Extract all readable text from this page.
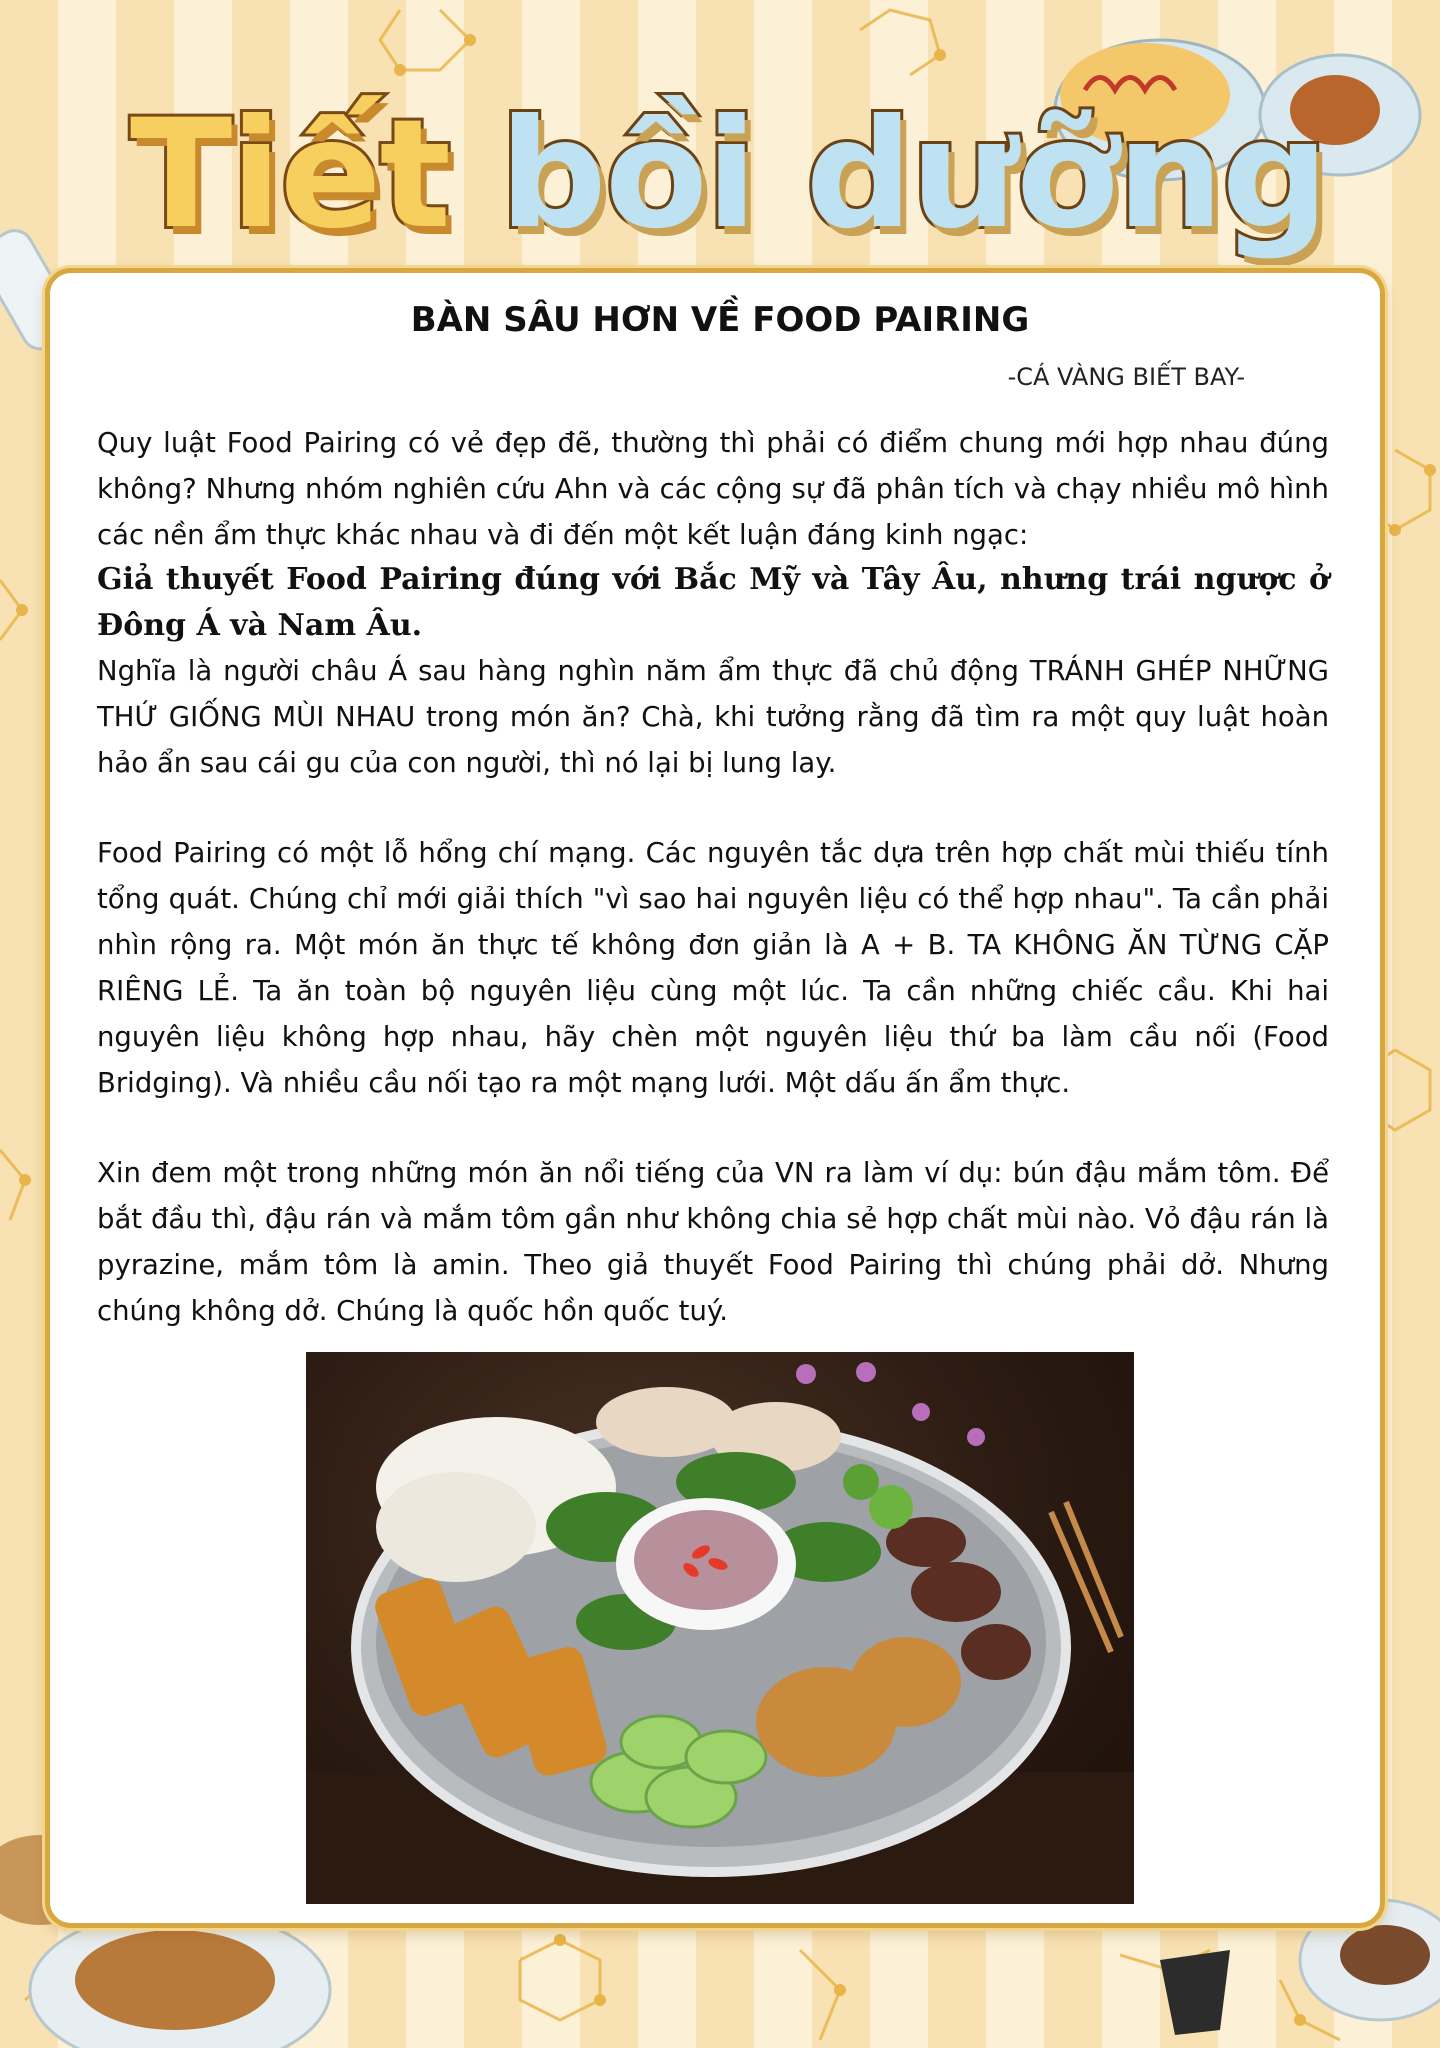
Tiết bồi dưỡng
BÀN SÂU HƠN VỀ FOOD PAIRING
-CÁ VÀNG BIẾT BAY-

Quy luật Food Pairing có vẻ đẹp đẽ, thường thì phải có điểm chung mới hợp nhau đúng không? Nhưng nhóm nghiên cứu Ahn và các cộng sự đã phân tích và chạy nhiều mô hình các nền ẩm thực khác nhau và đi đến một kết luận đáng kinh ngạc:

Giả thuyết Food Pairing đúng với Bắc Mỹ và Tây Âu, nhưng trái ngược ở Đông Á và Nam Âu.

Nghĩa là người châu Á sau hàng nghìn năm ẩm thực đã chủ động TRÁNH GHÉP NHỮNG THỨ GIỐNG MÙI NHAU trong món ăn? Chà, khi tưởng rằng đã tìm ra một quy luật hoàn hảo ẩn sau cái gu của con người, thì nó lại bị lung lay.

Food Pairing có một lỗ hổng chí mạng. Các nguyên tắc dựa trên hợp chất mùi thiếu tính tổng quát. Chúng chỉ mới giải thích "vì sao hai nguyên liệu có thể hợp nhau". Ta cần phải nhìn rộng ra. Một món ăn thực tế không đơn giản là A + B. TA KHÔNG ĂN TỪNG CẶP RIÊNG LẺ. Ta ăn toàn bộ nguyên liệu cùng một lúc. Ta cần những chiếc cầu. Khi hai nguyên liệu không hợp nhau, hãy chèn một nguyên liệu thứ ba làm cầu nối (Food Bridging). Và nhiều cầu nối tạo ra một mạng lưới. Một dấu ấn ẩm thực.

Xin đem một trong những món ăn nổi tiếng của VN ra làm ví dụ: bún đậu mắm tôm. Để bắt đầu thì, đậu rán và mắm tôm gần như không chia sẻ hợp chất mùi nào. Vỏ đậu rán là pyrazine, mắm tôm là amin. Theo giả thuyết Food Pairing thì chúng phải dở. Nhưng chúng không dở. Chúng là quốc hồn quốc tuý.
